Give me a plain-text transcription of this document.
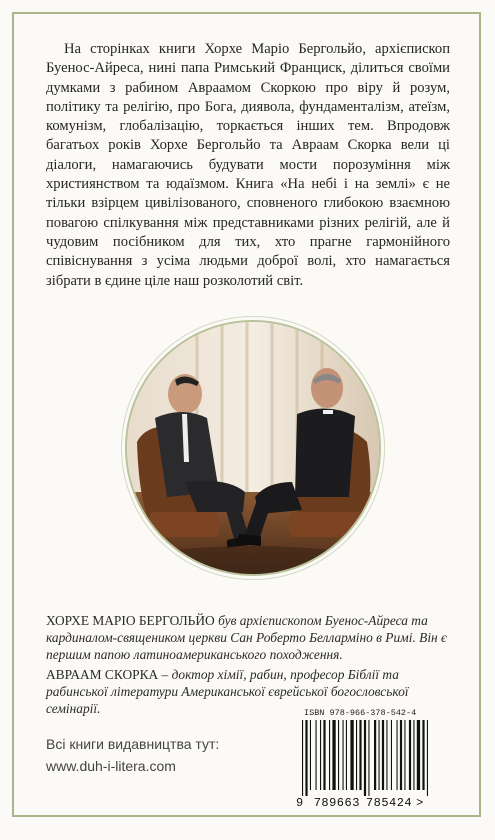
На сторінках книги Хорхе Маріо Бергольйо, архієпископ Буенос-Айреса, нині папа Римський Франциск, ділиться своїми думками з рабином Авраамом Скоркою про віру й розум, політику та релігію, про Бога, диявола, фундаменталізм, атеїзм, комунізм, глобалізацію, торкається інших тем. Впродовж багатьох років Хорхе Бергольйо та Авраам Скорка вели ці діалоги, намагаючись будувати мости порозуміння між християнством та юдаїзмом. Книга «На небі і на землі» є не тільки взірцем цивілізованого, сповненого глибокою взаємною повагою спілкування між представниками різних релігій, але й чудовим посібником для тих, хто прагне гармонійного співіснування з усіма людьми доброї волі, хто намагається зібрати в єдине ціле наш розколотий світ.

ХОРХЕ МАРІО БЕРГОЛЬЙО був архієпископом Буенос-Айреса та кардиналом-священиком церкви Сан Роберто Белларміно в Римі. Він є першим папою латиноамериканського походження.

АВРААМ СКОРКА – доктор хімії, рабин, професор Біблії та рабинської літератури Американської єврейської богословської семінарії.

Всі книги видавництва тут:
www.duh-i-litera.com
ISBN 978-966-378-542-4
9 789663 785424 >
